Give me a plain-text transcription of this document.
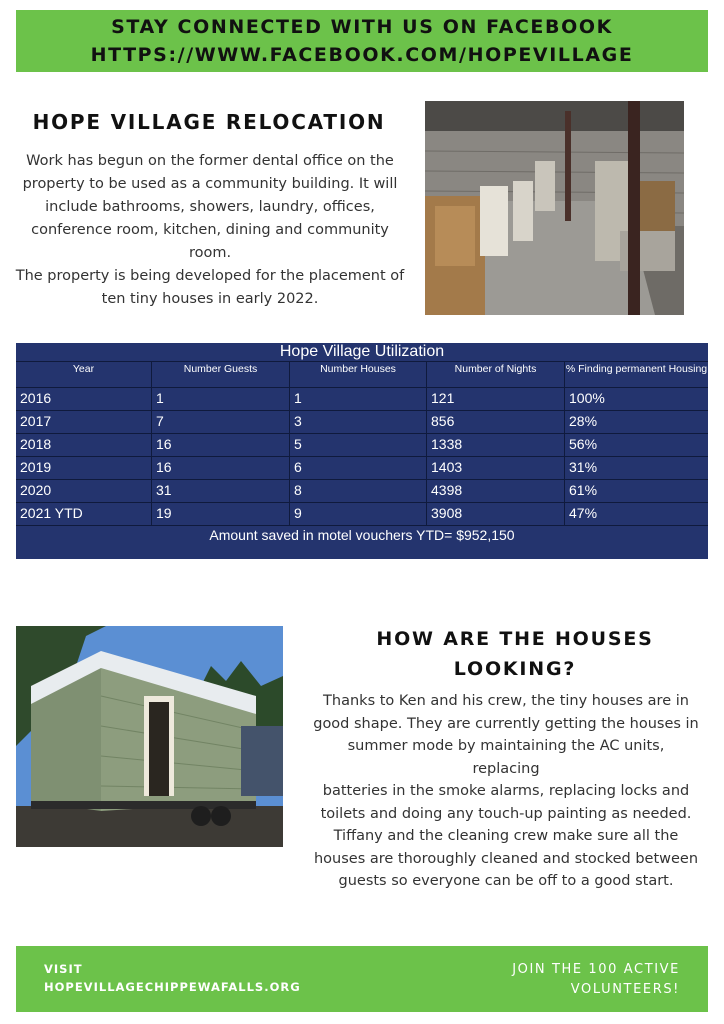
STAY CONNECTED WITH US ON FACEBOOK
HTTPS://WWW.FACEBOOK.COM/HOPEVILLAGE
HOPE VILLAGE RELOCATION
Work has begun on the former dental office on the
property to be used as a community building. It will
include bathrooms, showers, laundry, offices,
conference room, kitchen, dining and community room.
The property is being developed for the placement of
ten tiny houses in early 2022.
Hope Village Utilization
Year	Number Guests	Number Houses	Number of Nights	% Finding permanent Housing
2016	1	1	121	100%
2017	7	3	856	28%
2018	16	5	1338	56%
2019	16	6	1403	31%
2020	31	8	4398	61%
2021 YTD	19	9	3908	47%
Amount saved in motel vouchers YTD= $952,150
HOW ARE THE HOUSES
LOOKING?
Thanks to Ken and his crew, the tiny houses are in
good shape. They are currently getting the houses in
summer mode by maintaining the AC units, replacing
batteries in the smoke alarms, replacing locks and
toilets and doing any touch-up painting as needed.
Tiffany and the cleaning crew make sure all the
houses are thoroughly cleaned and stocked between
guests so everyone can be off to a good start.
VISIT
HOPEVILLAGECHIPPEWAFALLS.ORG
JOIN THE 100 ACTIVE
VOLUNTEERS!
